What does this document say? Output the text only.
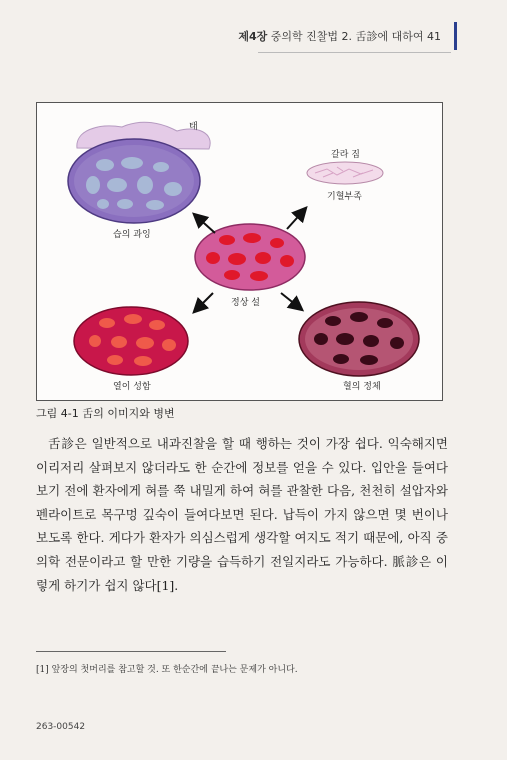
제4장 중의학 진찰법 2. 舌診에 대하여 41
태
습의 과잉
갈라 짐
기혈부족
정상 설
열이 성함	혈의 정체
그림 4-1 舌의 이미지와 병변

舌診은 일반적으로 내과진찰을 할 때 행하는 것이 가장 쉽다. 익숙해지면 이리저리 살펴보지 않더라도 한 순간에 정보를 얻을 수 있다. 입안을 들여다보기 전에 환자에게 혀를 쭉 내밀게 하여 혀를 관찰한 다음, 천천히 설압자와 펜라이트로 목구멍 깊숙이 들여다보면 된다. 납득이 가지 않으면 몇 번이나 보도록 한다. 게다가 환자가 의심스럽게 생각할 여지도 적기 때문에, 아직 중의학 전문이라고 할 만한 기량을 습득하기 전일지라도 가능하다. 脈診은 이렇게 하기가 쉽지 않다[1].

[1] 앞장의 첫머리를 참고할 것. 또 한순간에 끝나는 문제가 아니다.
263-00542
